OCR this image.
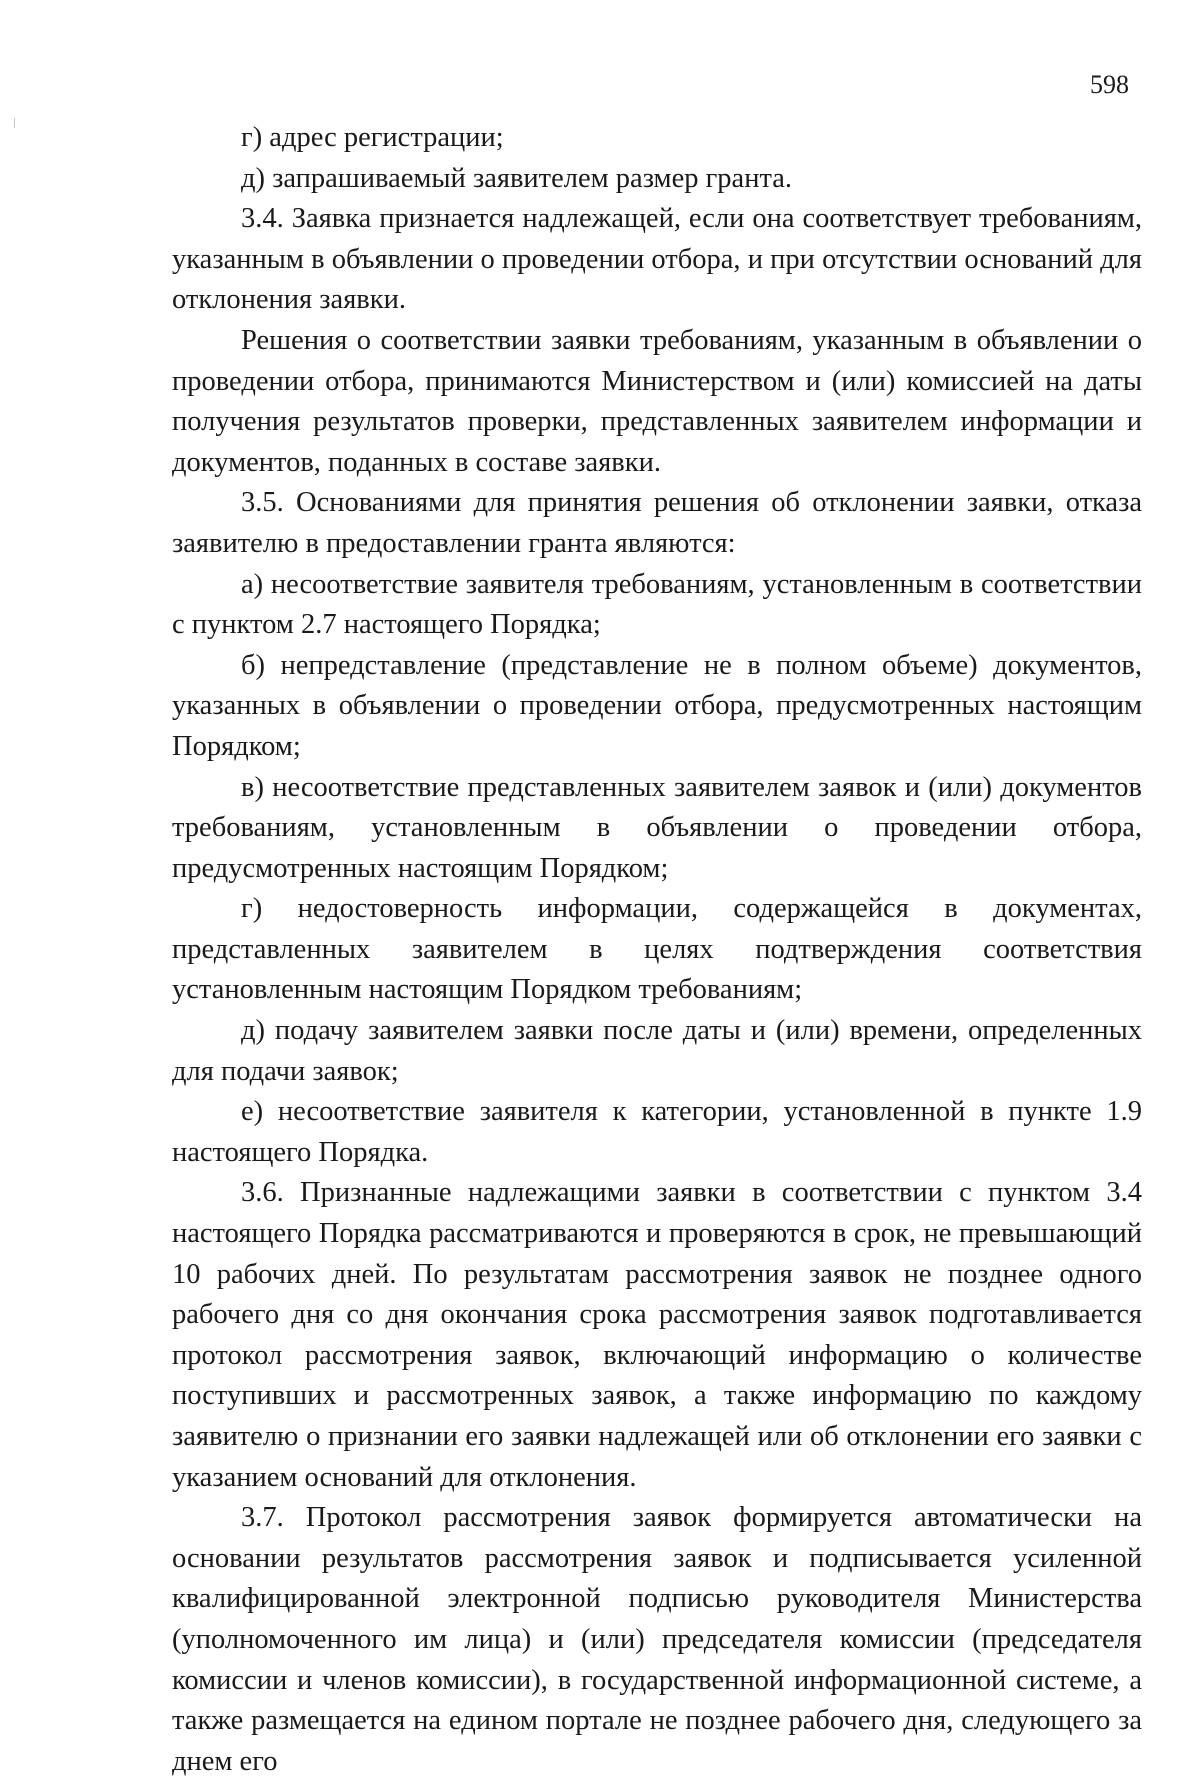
598

г) адрес регистрации;

д) запрашиваемый заявителем размер гранта.

3.4. Заявка признается надлежащей, если она соответствует требованиям, указанным в объявлении о проведении отбора, и при отсутствии оснований для отклонения заявки.

Решения о соответствии заявки требованиям, указанным в объявлении о проведении отбора, принимаются Министерством и (или) комиссией на даты получения результатов проверки, представленных заявителем информации и документов, поданных в составе заявки.

3.5. Основаниями для принятия решения об отклонении заявки, отказа заявителю в предоставлении гранта являются:

а) несоответствие заявителя требованиям, установленным в соответствии с пунктом 2.7 настоящего Порядка;

б) непредставление (представление не в полном объеме) документов, указанных в объявлении о проведении отбора, предусмотренных настоящим Порядком;

в) несоответствие представленных заявителем заявок и (или) документов требованиям, установленным в объявлении о проведении отбора, предусмотренных настоящим Порядком;

г) недостоверность информации, содержащейся в документах, представленных заявителем в целях подтверждения соответствия установленным настоящим Порядком требованиям;

д) подачу заявителем заявки после даты и (или) времени, определенных для подачи заявок;

е) несоответствие заявителя к категории, установленной в пункте 1.9 настоящего Порядка.

3.6. Признанные надлежащими заявки в соответствии с пунктом 3.4 настоящего Порядка рассматриваются и проверяются в срок, не превышающий 10 рабочих дней. По результатам рассмотрения заявок не позднее одного рабочего дня со дня окончания срока рассмотрения заявок подготавливается протокол рассмотрения заявок, включающий информацию о количестве поступивших и рассмотренных заявок, а также информацию по каждому заявителю о признании его заявки надлежащей или об отклонении его заявки с указанием оснований для отклонения.

3.7. Протокол рассмотрения заявок формируется автоматически на основании результатов рассмотрения заявок и подписывается усиленной квалифицированной электронной подписью руководителя Министерства (уполномоченного им лица) и (или) председателя комиссии (председателя комиссии и членов комиссии), в государственной информационной системе, а также размещается на едином портале не позднее рабочего дня, следующего за днем его
